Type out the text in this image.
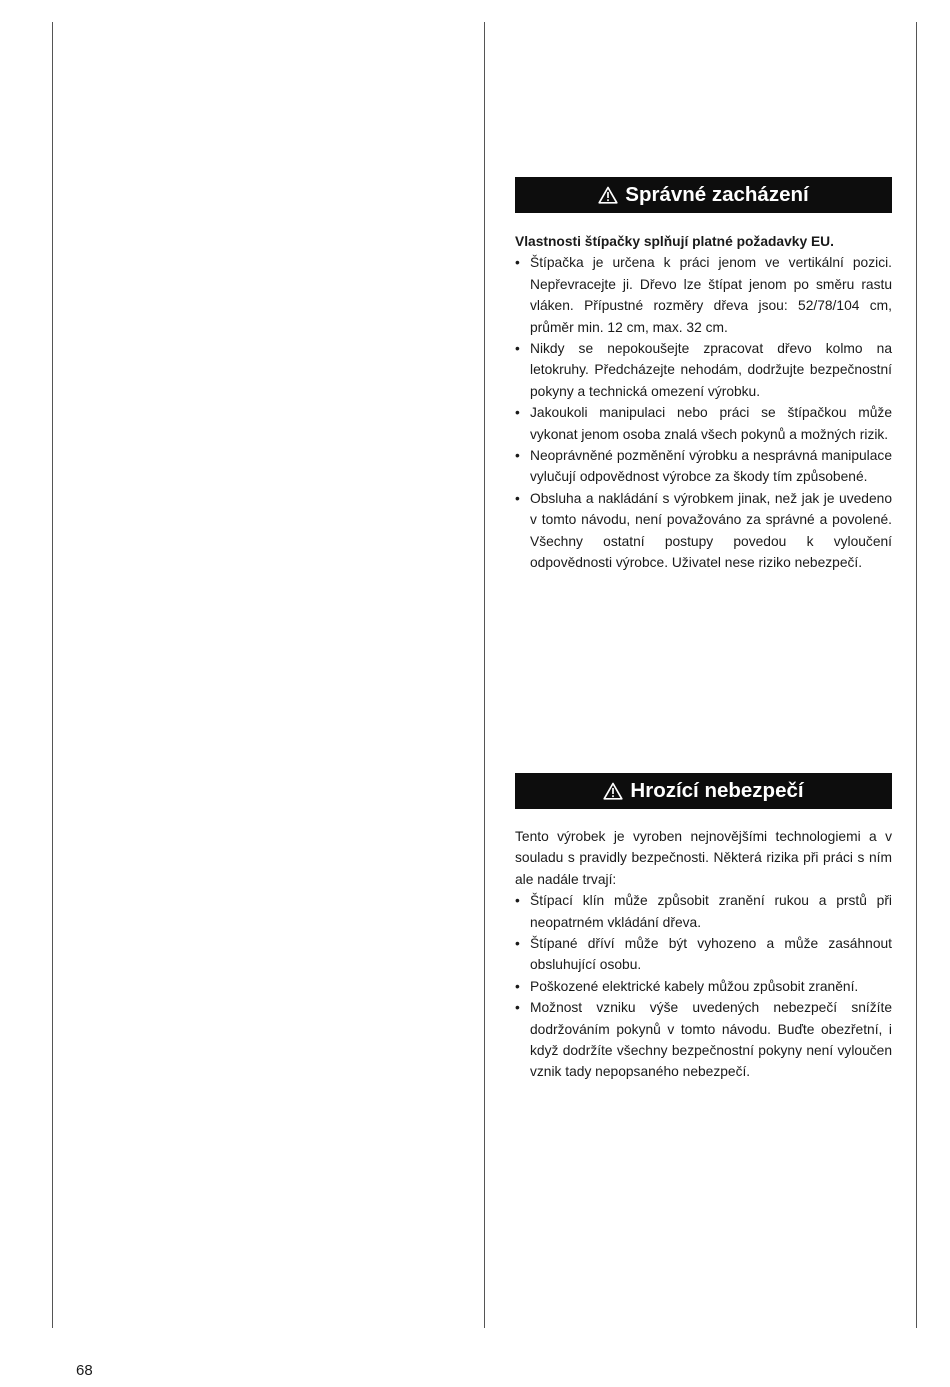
Správné zacházení

Vlastnosti štípačky splňují platné požadavky EU.

• Štípačka je určena k práci jenom ve vertikální pozici. Nepřevracejte ji. Dřevo lze štípat jenom po směru rastu vláken. Přípustné rozměry dřeva jsou: 52/78/104 cm, průměr min. 12 cm, max. 32 cm.
• Nikdy se nepokoušejte zpracovat dřevo kolmo na letokruhy. Předcházejte nehodám, dodržujte bezpečnostní pokyny a technická omezení výrobku.
• Jakoukoli manipulaci nebo práci se štípačkou může vykonat jenom osoba znalá všech pokynů a možných rizik.
• Neoprávněné pozměnění výrobku a nesprávná manipulace vylučují odpovědnost výrobce za škody tím způsobené.
• Obsluha a nakládání s výrobkem jinak, než jak je uvedeno v tomto návodu, není považováno za správné a povolené. Všechny ostatní postupy povedou k vyloučení odpovědnosti výrobce. Uživatel nese riziko nebezpečí.
Hrozící nebezpečí

Tento výrobek je vyroben nejnovějšími technologiemi a v souladu s pravidly bezpečnosti. Některá rizika při práci s ním ale nadále trvají:

• Štípací klín může způsobit zranění rukou a prstů při neopatrném vkládání dřeva.
• Štípané dříví může být vyhozeno a může zasáhnout obsluhující osobu.
• Poškozené elektrické kabely můžou způsobit zranění.
• Možnost vzniku výše uvedených nebezpečí snížíte dodržováním pokynů v tomto návodu. Buďte obezřetní, i když dodržíte všechny bezpečnostní pokyny není vyloučen vznik tady nepopsaného nebezpečí.
68
